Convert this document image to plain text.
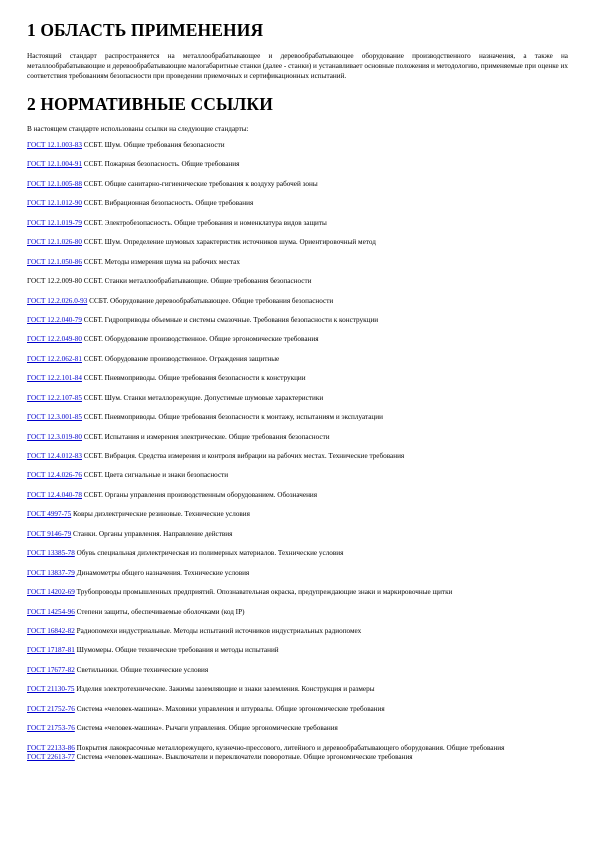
1 ОБЛАСТЬ ПРИМЕНЕНИЯ

Настоящий стандарт распространяется на металлообрабатывающее и деревообрабатывающее оборудование производственного назначения, а также на металлообрабатывающие и деревообрабатывающие малогабаритные станки (далее - станки) и устанавливает основные положения и методологию, применяемые при оценке их соответствия требованиям безопасности при проведении приемочных и сертификационных испытаний.

2 НОРМАТИВНЫЕ ССЫЛКИ

В настоящем стандарте использованы ссылки на следующие стандарты:

ГОСТ 12.1.003-83 ССБТ. Шум. Общие требования безопасности

ГОСТ 12.1.004-91 ССБТ. Пожарная безопасность. Общие требования

ГОСТ 12.1.005-88 ССБТ. Общие санитарно-гигиенические требования к воздуху рабочей зоны

ГОСТ 12.1.012-90 ССБТ. Вибрационная безопасность. Общие требования

ГОСТ 12.1.019-79 ССБТ. Электробезопасность. Общие требования и номенклатура видов защиты

ГОСТ 12.1.026-80 ССБТ. Шум. Определение шумовых характеристик источников шума. Ориентировочный метод

ГОСТ 12.1.050-86 ССБТ. Методы измерения шума на рабочих местах

ГОСТ 12.2.009-80 ССБТ. Станки металлообрабатывающие. Общие требования безопасности

ГОСТ 12.2.026.0-93 ССБТ. Оборудование деревообрабатывающее. Общие требования безопасности

ГОСТ 12.2.040-79 ССБТ. Гидроприводы объемные и системы смазочные. Требования безопасности к конструкции

ГОСТ 12.2.049-80 ССБТ. Оборудование производственное. Общие эргономические требования

ГОСТ 12.2.062-81 ССБТ. Оборудование производственное. Ограждения защитные

ГОСТ 12.2.101-84 ССБТ. Пневмоприводы. Общие требования безопасности к конструкции

ГОСТ 12.2.107-85 ССБТ. Шум. Станки металлорежущие. Допустимые шумовые характеристики

ГОСТ 12.3.001-85 ССБТ. Пневмоприводы. Общие требования безопасности к монтажу, испытаниям и эксплуатации

ГОСТ 12.3.019-80 ССБТ. Испытания и измерения электрические. Общие требования безопасности

ГОСТ 12.4.012-83 ССБТ. Вибрация. Средства измерения и контроля вибрации на рабочих местах. Технические требования

ГОСТ 12.4.026-76 ССБТ. Цвета сигнальные и знаки безопасности

ГОСТ 12.4.040-78 ССБТ. Органы управления производственным оборудованием. Обозначения

ГОСТ 4997-75 Ковры диэлектрические резиновые. Технические условия

ГОСТ 9146-79 Станки. Органы управления. Направление действия

ГОСТ 13385-78 Обувь специальная диэлектрическая из полимерных материалов. Технические условия

ГОСТ 13837-79 Динамометры общего назначения. Технические условия

ГОСТ 14202-69 Трубопроводы промышленных предприятий. Опознавательная окраска, предупреждающие знаки и маркировочные щитки

ГОСТ 14254-96 Степени защиты, обеспечиваемые оболочками (код IP)

ГОСТ 16842-82 Радиопомехи индустриальные. Методы испытаний источников индустриальных радиопомех

ГОСТ 17187-81 Шумомеры. Общие технические требования и методы испытаний

ГОСТ 17677-82 Светильники. Общие технические условия

ГОСТ 21130-75 Изделия электротехнические. Зажимы заземляющие и знаки заземления. Конструкция и размеры

ГОСТ 21752-76 Система «человек-машина». Маховики управления и штурвалы. Общие эргономические требования

ГОСТ 21753-76 Система «человек-машина». Рычаги управления. Общие эргономические требования

ГОСТ 22133-86 Покрытия лакокрасочные металлорежущего, кузнечно-прессового, литейного и деревообрабатывающего оборудования. Общие требования

ГОСТ 22613-77 Система «человек-машина». Выключатели и переключатели поворотные. Общие эргономические требования
